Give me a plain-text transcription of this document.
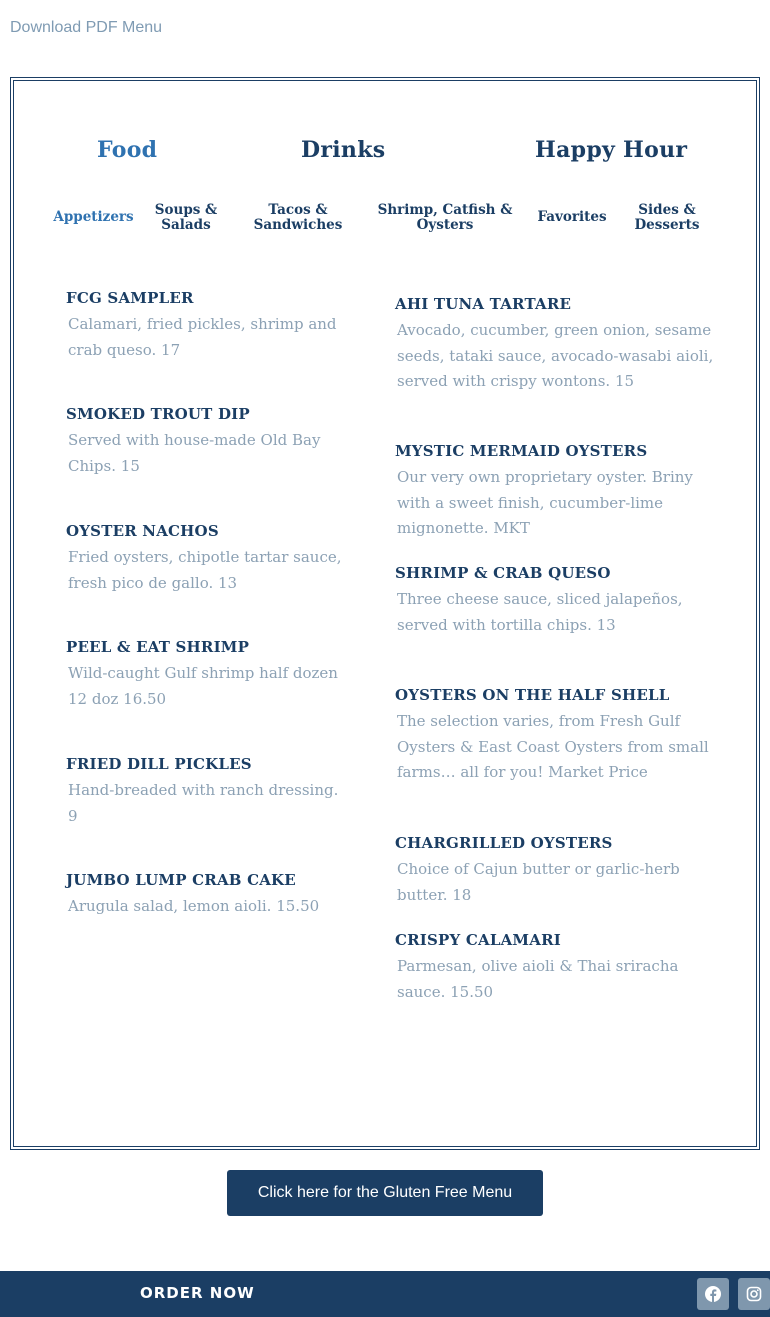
Download PDF Menu
Food	Drinks	Happy Hour
Appetizers	Soups & Salads
Tacos & Sandwiches
Shrimp, Catfish & Oysters	Favorites	Sides & Desserts
FCG SAMPLER
Calamari, fried pickles, shrimp and crab queso. 17
SMOKED TROUT DIP
Served with house-made Old Bay Chips. 15
OYSTER NACHOS
Fried oysters, chipotle tartar sauce, fresh pico de gallo. 13
PEEL & EAT SHRIMP
Wild-caught Gulf shrimp half dozen 12 doz 16.50
FRIED DILL PICKLES
Hand-breaded with ranch dressing. 9
JUMBO LUMP CRAB CAKE
Arugula salad, lemon aioli. 15.50
AHI TUNA TARTARE
Avocado, cucumber, green onion, sesame seeds, tataki sauce, avocado-wasabi aioli, served with crispy wontons. 15
MYSTIC MERMAID OYSTERS
Our very own proprietary oyster. Briny with a sweet finish, cucumber-lime mignonette. MKT
SHRIMP & CRAB QUESO
Three cheese sauce, sliced jalapeños, served with tortilla chips. 13
OYSTERS ON THE HALF SHELL
The selection varies, from Fresh Gulf Oysters & East Coast Oysters from small farms… all for you! Market Price
CHARGRILLED OYSTERS
Choice of Cajun butter or garlic-herb butter. 18
CRISPY CALAMARI
Parmesan, olive aioli & Thai sriracha sauce. 15.50
Click here for the Gluten Free Menu
ORDER NOW
